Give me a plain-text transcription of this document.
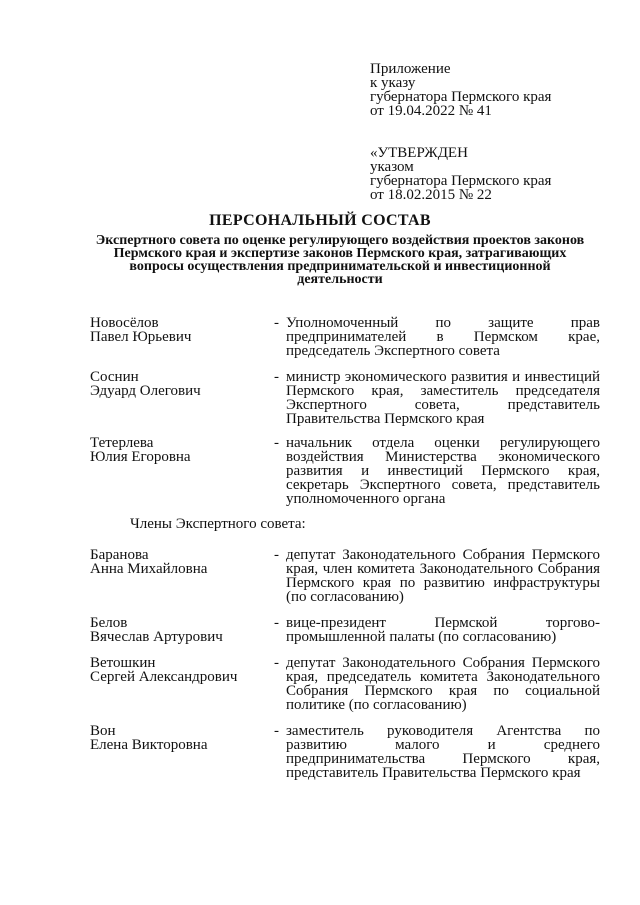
Приложение
к указу
губернатора Пермского края
от 19.04.2022 № 41
«УТВЕРЖДЕН
указом
губернатора Пермского края
от 18.02.2015 № 22
ПЕРСОНАЛЬНЫЙ СОСТАВ
Экспертного совета по оценке регулирующего воздействия проектов законов Пермского края и экспертизе законов Пермского края, затрагивающих вопросы осуществления предпринимательской и инвестиционной деятельности
Новосёлов
Павел Юрьевич
- Уполномоченный по защите прав предпринимателей в Пермском крае, председатель Экспертного совета
Соснин
Эдуард Олегович
- министр экономического развития и инвестиций Пермского края, заместитель председателя Экспертного совета, представитель Правительства Пермского края
Тетерлева
Юлия Егоровна
- начальник отдела оценки регулирующего воздействия Министерства экономического развития и инвестиций Пермского края, секретарь Экспертного совета, представитель уполномоченного органа
Члены Экспертного совета:
Баранова
Анна Михайловна
- депутат Законодательного Собрания Пермского края, член комитета Законодательного Собрания Пермского края по развитию инфраструктуры (по согласованию)
Белов
Вячеслав Артурович
- вице-президент Пермской торгово-промышленной палаты (по согласованию)
Ветошкин
Сергей Александрович
- депутат Законодательного Собрания Пермского края, председатель комитета Законодательного Собрания Пермского края по социальной политике (по согласованию)
Вон
Елена Викторовна
- заместитель руководителя Агентства по развитию малого и среднего предпринимательства Пермского края, представитель Правительства Пермского края
